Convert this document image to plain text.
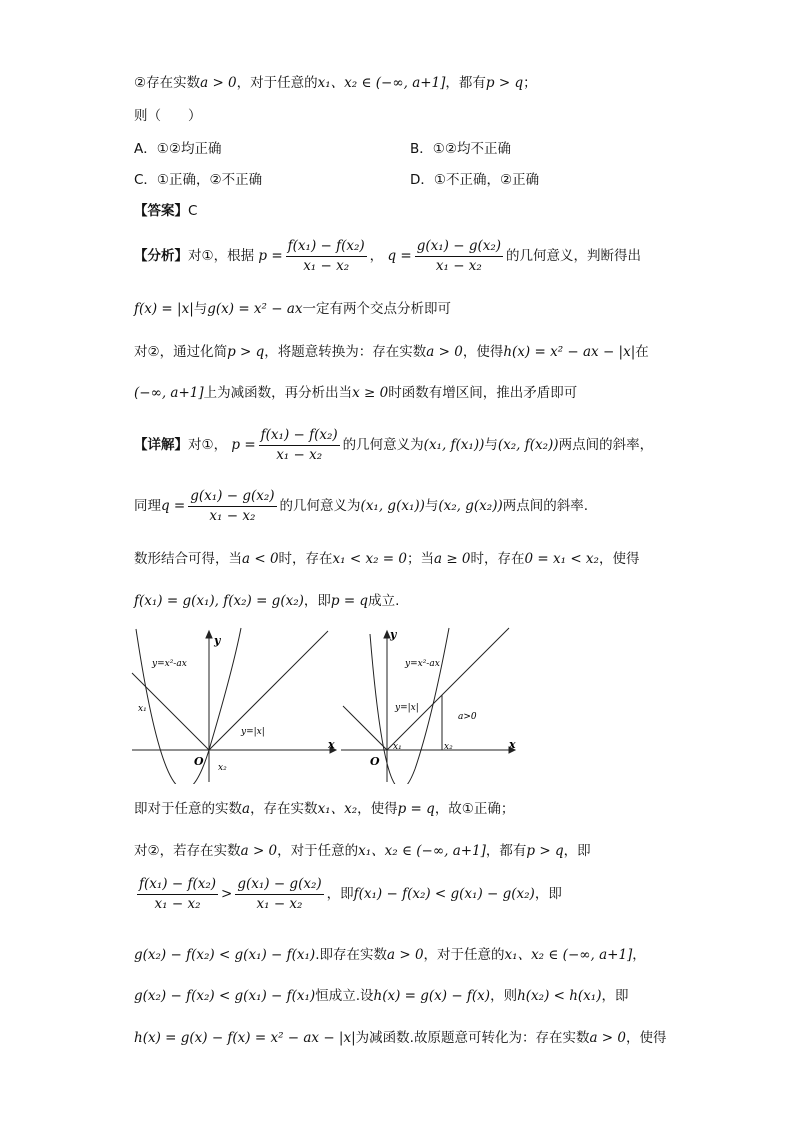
②存在实数a > 0，对于任意的x₁、x₂ ∈ (−∞, a+1]，都有p > q；
则（　　）
A．①②均正确	B．①②均不正确
C．①正确，②不正确	D．①不正确，②正确
【答案】C
【分析】对①，根据 $p = \frac{\text{f(x₁) − f(x₂)}}{\text{x₁ − x₂}}$ ， $q = \frac{\text{g(x₁) − g(x₂)}}{\text{x₁ − x₂}}$ 的几何意义，判断得出
f(x) = |x|与g(x) = x² − ax一定有两个交点分析即可
对②，通过化简p > q，将题意转换为：存在实数a > 0，使得h(x) = x² − ax − |x|在
(−∞, a+1]上为减函数，再分析出当x ≥ 0时函数有增区间，推出矛盾即可
【详解】对①， $p = \frac{\text{f(x₁) − f(x₂)}}{\text{x₁ − x₂}}$ 的几何意义为(x₁, f(x₁))与(x₂, f(x₂))两点间的斜率，
同理$q = \frac{\text{g(x₁) − g(x₂)}}{\text{x₁ − x₂}}$ 的几何意义为(x₁, g(x₁))与(x₂, g(x₂))两点间的斜率.
数形结合可得，当a < 0时，存在x₁ < x₂ = 0；当a ≥ 0时，存在0 = x₁ < x₂，使得
f(x₁) = g(x₁), f(x₂) = g(x₂)，即p = q成立.
y
x
y=x²-ax
x₁
y=|x|
O x₂
y
x
y=x²-ax
y=|x|
a>0
x₁	x₂
O
即对于任意的实数a，存在实数x₁、x₂，使得p = q，故①正确；
对②，若存在实数a > 0，对于任意的x₁、x₂ ∈ (−∞, a+1]，都有p > q，即
$\frac{\text{f(x₁) − f(x₂)}}{\text{x₁ − x₂}} > \frac{\text{g(x₁) − g(x₂)}}{\text{x₁ − x₂}}$ ，即f(x₁) − f(x₂) < g(x₁) − g(x₂)，即
g(x₂) − f(x₂) < g(x₁) − f(x₁).即存在实数a > 0，对于任意的x₁、x₂ ∈ (−∞, a+1]，
g(x₂) − f(x₂) < g(x₁) − f(x₁)恒成立.设h(x) = g(x) − f(x)，则h(x₂) < h(x₁)，即
h(x) = g(x) − f(x) = x² − ax − |x|为减函数.故原题意可转化为：存在实数a > 0，使得
